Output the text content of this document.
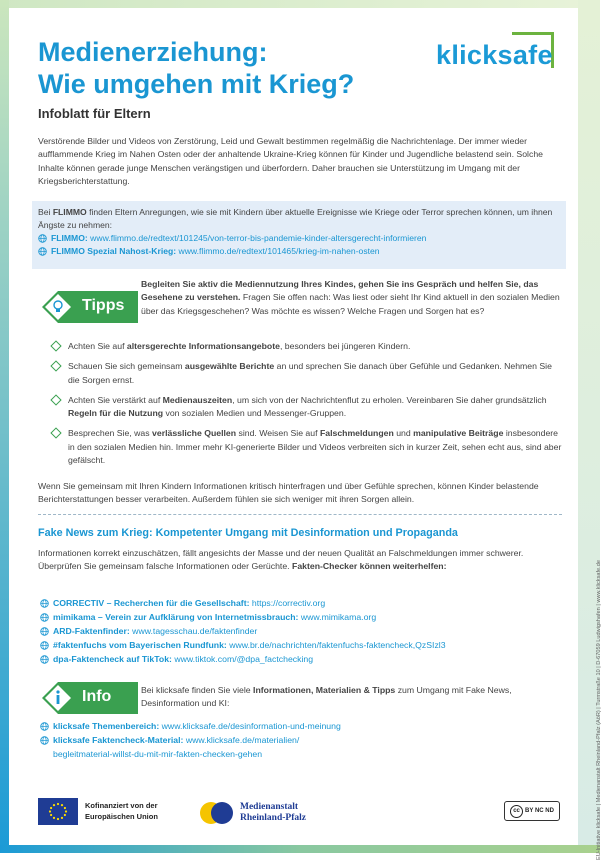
EU-Initiative klicksafe | Medienanstalt Rheinland-Pfalz (AöR) | Turmstraße 10 | D-67059 Ludwigshafen | www.klicksafe.de
Medienerziehung:
Wie umgehen mit Krieg?
Infoblatt für Eltern
klicksafe

Verstörende Bilder und Videos von Zerstörung, Leid und Gewalt bestimmen regelmäßig die Nachrichtenlage. Der immer wieder aufflammende Krieg im Nahen Osten oder der anhaltende Ukraine-Krieg können für Kinder und Jugendliche belastend sein. Solche Inhalte können gerade junge Menschen verängstigen und überfordern. Daher brauchen sie Unterstützung im Umgang mit der Kriegsberichterstattung.

Bei FLIMMO finden Eltern Anregungen, wie sie mit Kindern über aktuelle Ereignisse wie Kriege oder Terror sprechen können, um ihnen Ängste zu nehmen:
FLIMMO:
www.flimmo.de/redtext/101245/von-terror-bis-pandemie-kinder-altersgerecht-informieren
FLIMMO Spezial Nahost-Krieg:
www.flimmo.de/redtext/101465/krieg-im-nahen-osten
Tipps

Begleiten Sie aktiv die Mediennutzung Ihres Kindes, gehen Sie ins Gespräch und helfen Sie, das Gesehene zu verstehen. Fragen Sie offen nach: Was liest oder sieht Ihr Kind aktuell in den sozialen Medien über das Kriegsgeschehen? Was möchte es wissen? Welche Fragen und Sorgen hat es?

Achten Sie auf altersgerechte Informationsangebote, besonders bei jüngeren Kindern.
Schauen Sie sich gemeinsam ausgewählte Berichte an und sprechen Sie danach über Gefühle und Gedanken. Nehmen Sie die Sorgen ernst.
Achten Sie verstärkt auf Medienauszeiten, um sich von der Nachrichtenflut zu erholen. Vereinbaren Sie daher grundsätzlich Regeln für die Nutzung von sozialen Medien und Messenger-Gruppen.
Besprechen Sie, was verlässliche Quellen sind. Weisen Sie auf Falschmeldungen und manipulative Beiträge insbesondere in den sozialen Medien hin. Immer mehr KI-generierte Bilder und Videos verbreiten sich in kurzer Zeit, sehen echt aus, sind aber gefälscht.

Wenn Sie gemeinsam mit Ihren Kindern Informationen kritisch hinterfragen und über Gefühle sprechen, können Kinder belastende Berichterstattungen besser verarbeiten. Außerdem fühlen sie sich weniger mit ihren Sorgen allein.

Fake News zum Krieg: Kompetenter Umgang mit Desinformation und Propaganda

Informationen korrekt einzuschätzen, fällt angesichts der Masse und der neuen Qualität an Falschmeldungen immer schwerer. Überprüfen Sie gemeinsam falsche Informationen oder Gerüchte. Fakten-Checker können weiterhelfen:

CORRECTIV – Recherchen für die Gesellschaft:
https://correctiv.org
mimikama – Verein zur Aufklärung von Internetmissbrauch:
www.mimikama.org
ARD-Faktenfinder:
www.tagesschau.de/faktenfinder
#faktenfuchs vom Bayerischen Rundfunk:
www.br.de/nachrichten/faktenfuchs-faktencheck,QzSIzl3
dpa-Faktencheck auf TikTok:
www.tiktok.com/@dpa_factchecking
Info	Bei klicksafe finden Sie viele Informationen, Materialien & Tipps zum Umgang mit Fake News, Desinformation und KI:

klicksafe Themenbereich:
www.klicksafe.de/desinformation-und-meinung
klicksafe Faktencheck-Material:
www.klicksafe.de/materialien/
begleitmaterial-willst-du-mit-mir-fakten-checken-gehen
Kofinanziert von der
Europäischen Union
Medienanstalt
Rheinland-Pfalz
cc BY NC ND
